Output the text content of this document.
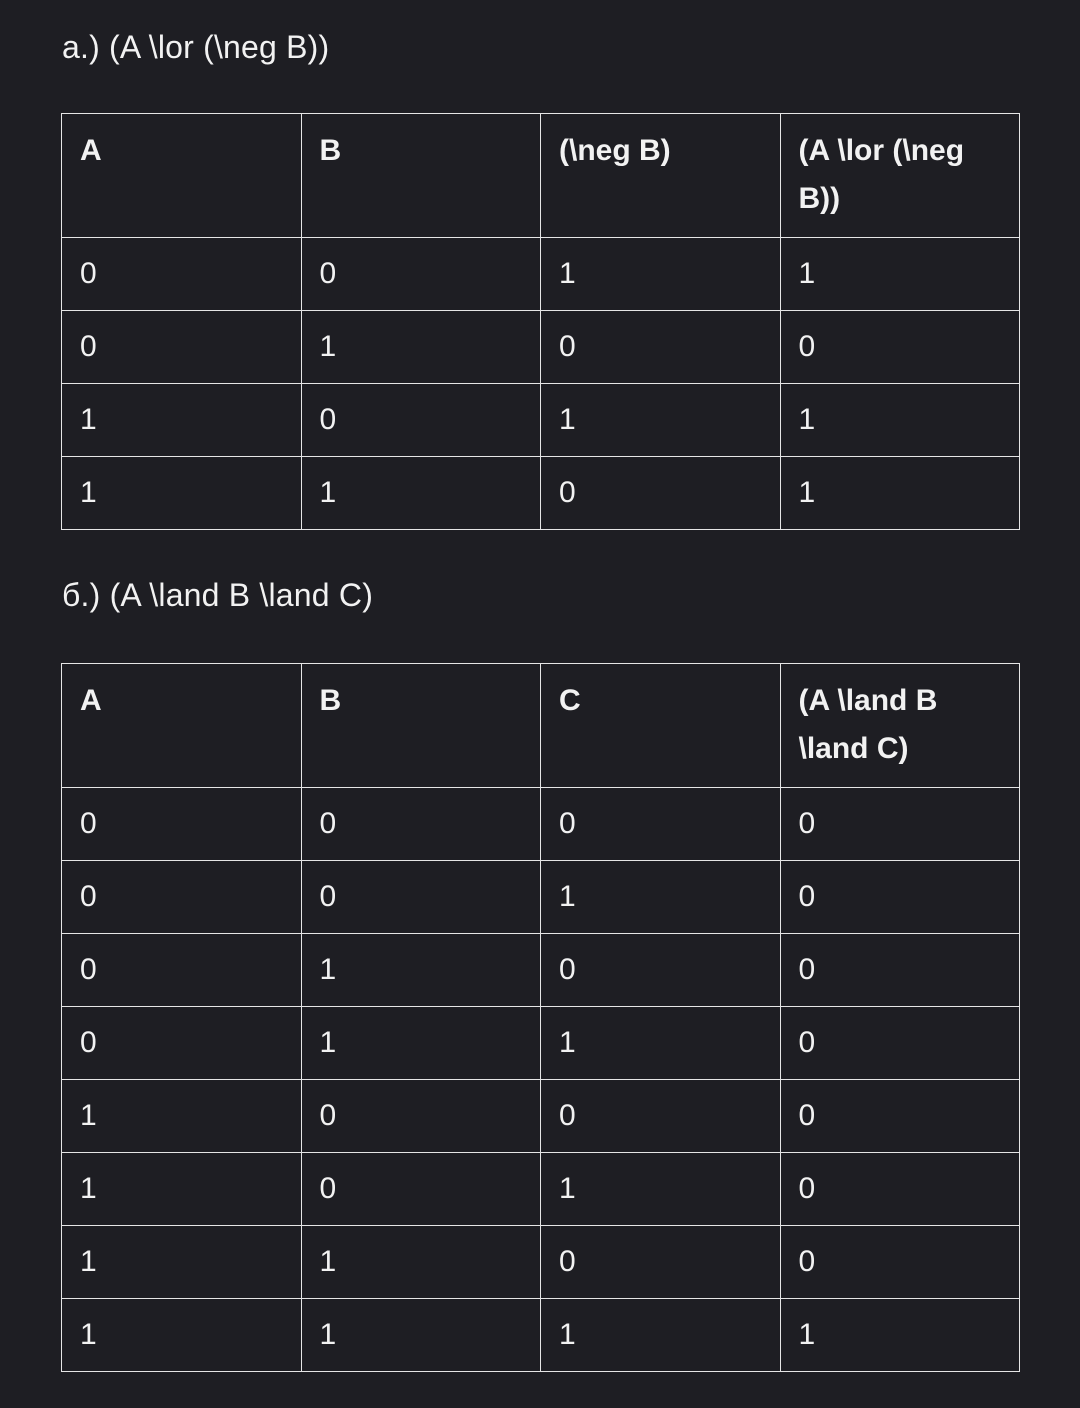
a.) (A \lor (\neg B))
A	B	(\neg B)	(A \lor (\neg B))
0	0	1	1
0	1	0	0
1	0	1	1
1	1	0	1
б.) (A \land B \land C)
A	B	C	(A \land B \land C)
0	0	0	0
0	0	1	0
0	1	0	0
0	1	1	0
1	0	0	0
1	0	1	0
1	1	0	0
1	1	1	1
